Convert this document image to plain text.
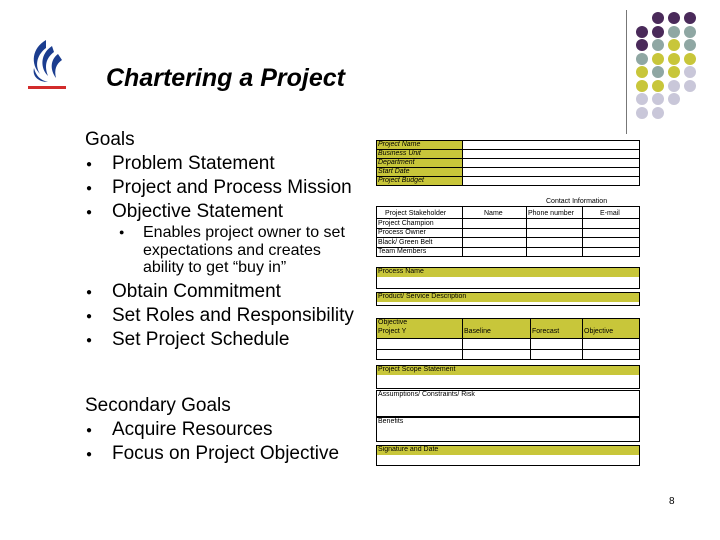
Chartering a Project
Goals
● Problem Statement
● Project and Process Mission
● Objective Statement
● Enables project owner to set expectations and creates ability to get “buy in”
● Obtain Commitment
● Set Roles and Responsibility
● Set Project Schedule
Secondary Goals
● Acquire Resources
● Focus on Project Objective
Project Name
Business Unit
Department
Start Date
Project Budget
Contact Information
Project Stakeholder	Name	Phone number	E-mail
Project Champion
Process Owner
Black/ Green Belt
Team Members
Process Name
Product/ Service Description
Objective
Project Y	Baseline	Forecast	Objective
Project Scope Statement
Assumptions/ Constraints/ Risk
Benefits
Signature and Date
8
